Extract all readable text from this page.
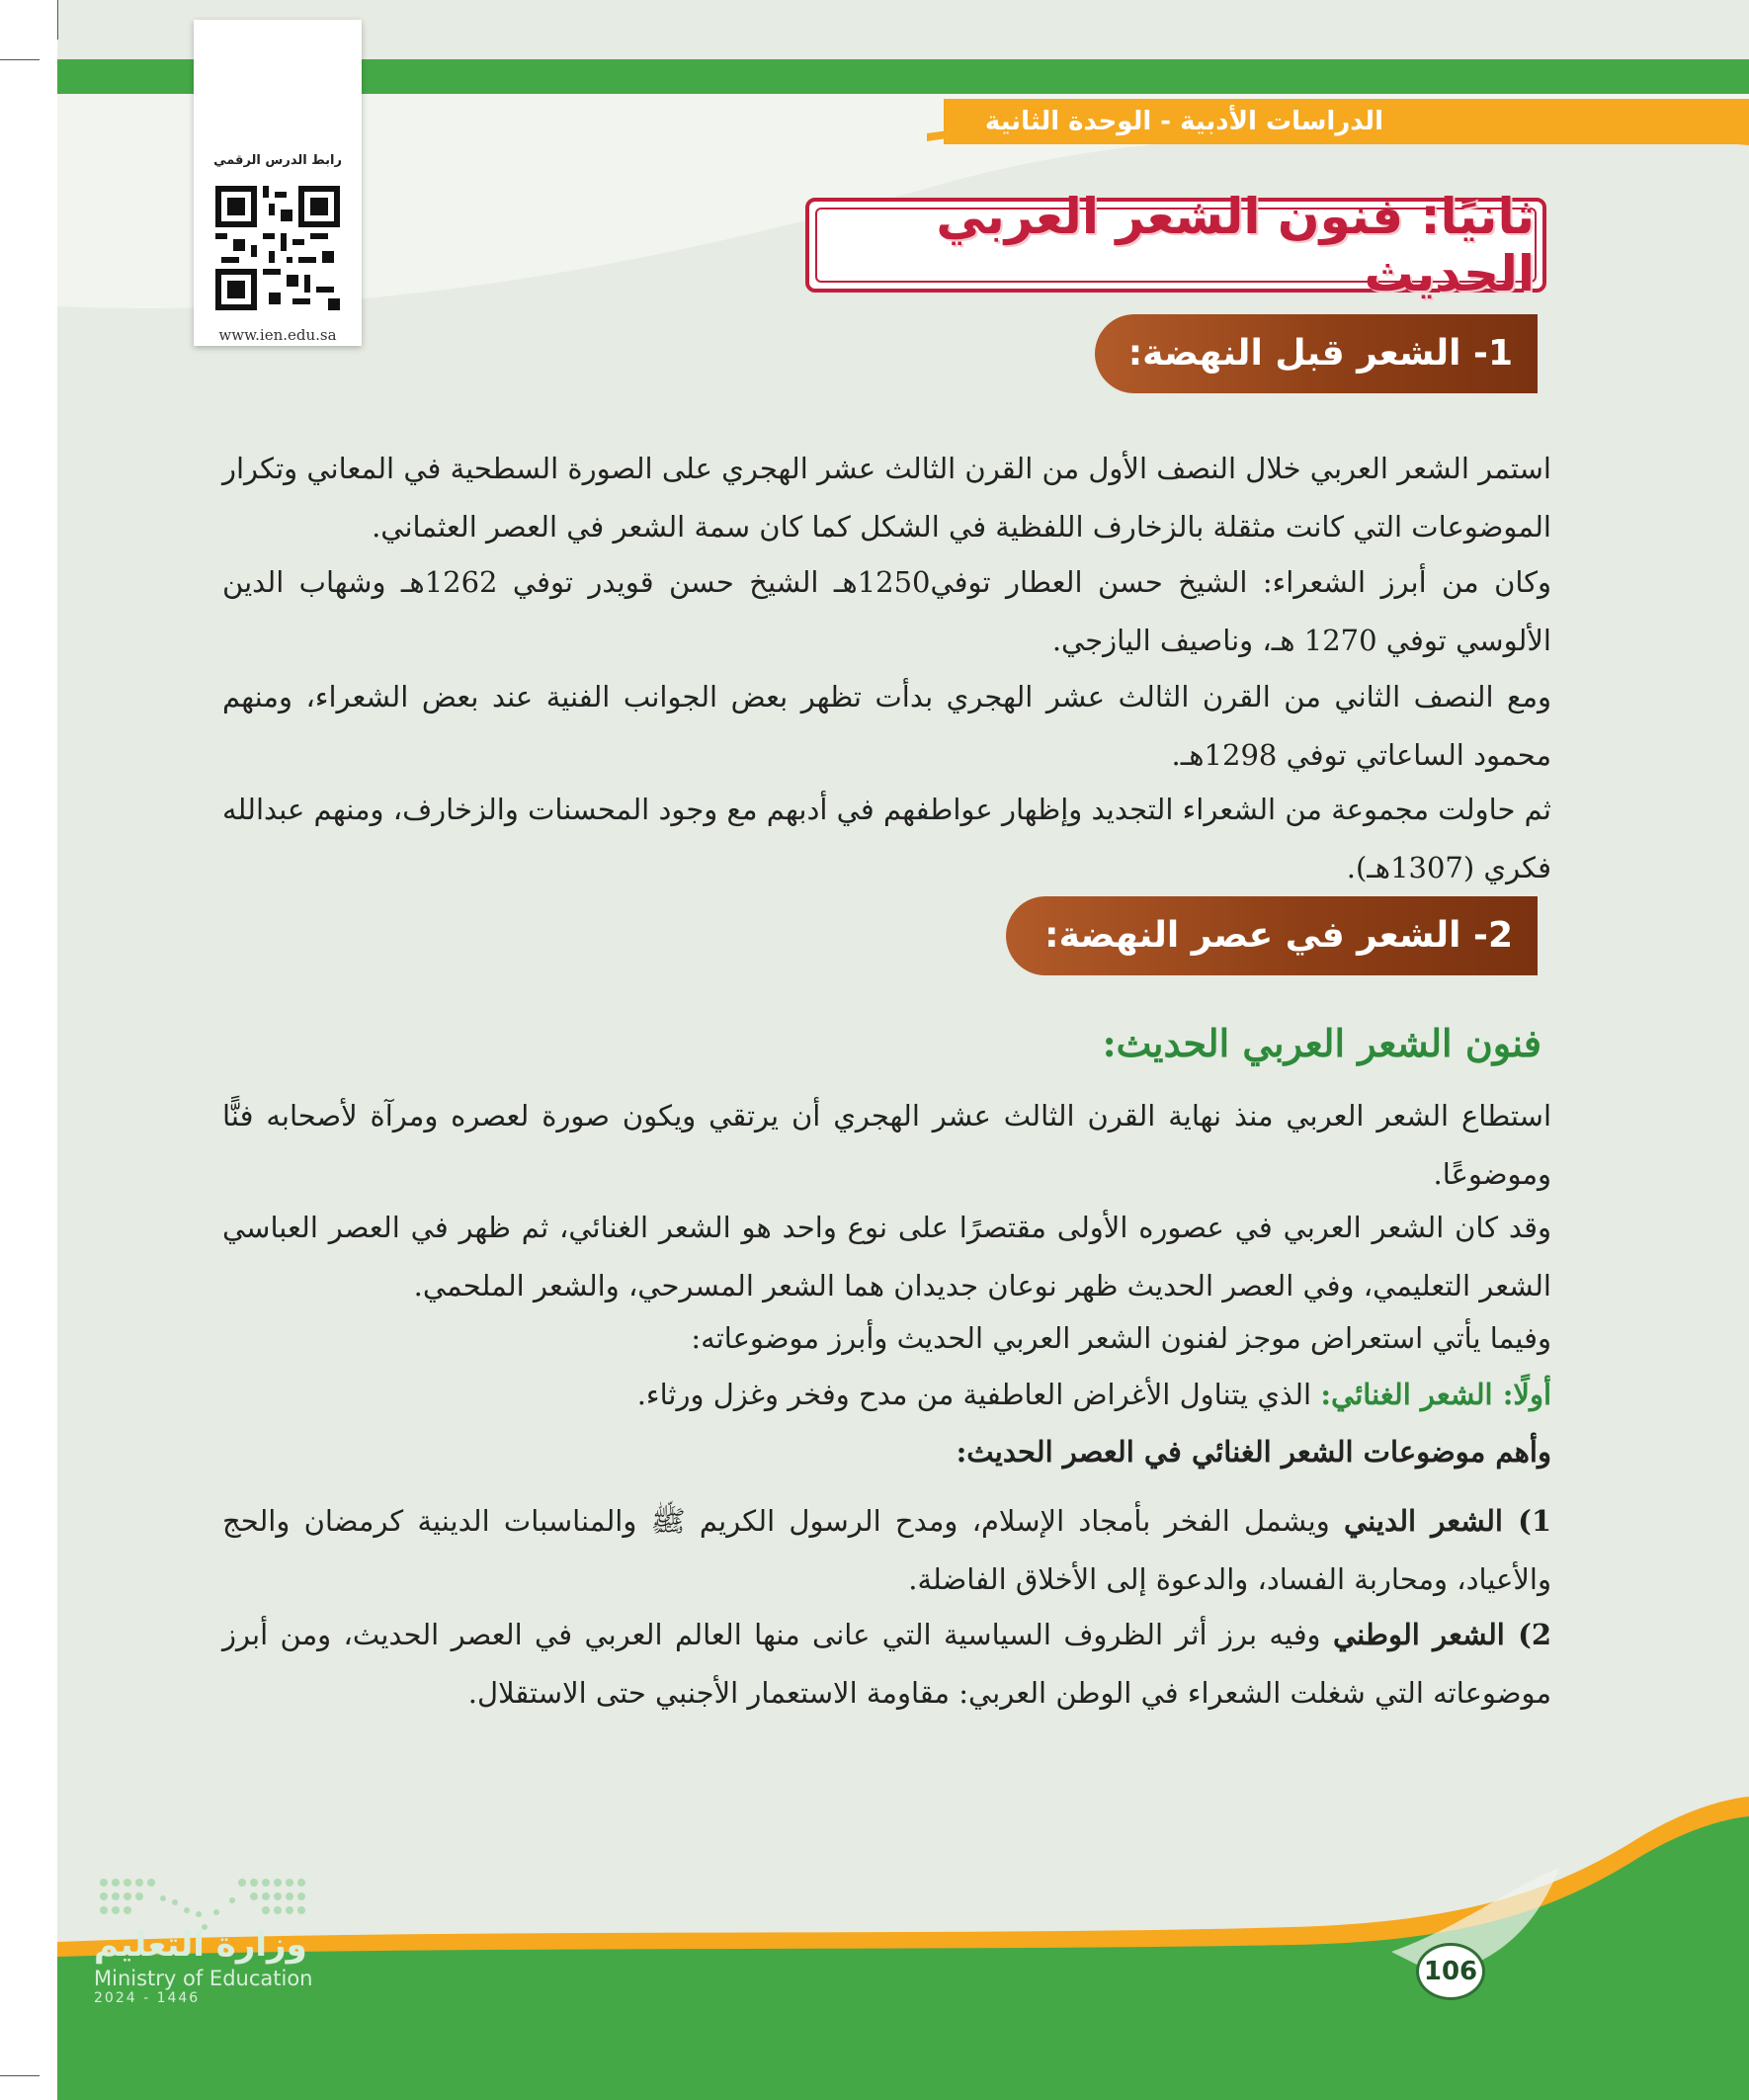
الدراسات الأدبية - الوحدة الثانية
رابط الدرس الرقمي
www.ien.edu.sa
ثانيًا: فنون الشعر العربي الحديث
1- الشعر قبل النهضة:
استمر الشعر العربي خلال النصف الأول من القرن الثالث عشر الهجري على الصورة السطحية في المعاني وتكرار الموضوعات التي كانت مثقلة بالزخارف اللفظية في الشكل كما كان سمة الشعر في العصر العثماني.
وكان من أبرز الشعراء: الشيخ حسن العطار توفي1250هـ الشيخ حسن قويدر توفي 1262هـ وشهاب الدين الألوسي توفي 1270 هـ، وناصيف اليازجي.
ومع النصف الثاني من القرن الثالث عشر الهجري بدأت تظهر بعض الجوانب الفنية عند بعض الشعراء، ومنهم محمود الساعاتي توفي 1298هـ.
ثم حاولت مجموعة من الشعراء التجديد وإظهار عواطفهم في أدبهم مع وجود المحسنات والزخارف، ومنهم عبدالله فكري (1307هـ).
2- الشعر في عصر النهضة:
فنون الشعر العربي الحديث:
استطاع الشعر العربي منذ نهاية القرن الثالث عشر الهجري أن يرتقي ويكون صورة لعصره ومرآة لأصحابه فنًّا وموضوعًا.
وقد كان الشعر العربي في عصوره الأولى مقتصرًا على نوع واحد هو الشعر الغنائي، ثم ظهر في العصر العباسي الشعر التعليمي، وفي العصر الحديث ظهر نوعان جديدان هما الشعر المسرحي، والشعر الملحمي.
وفيما يأتي استعراض موجز لفنون الشعر العربي الحديث وأبرز موضوعاته:
أولًا: الشعر الغنائي: الذي يتناول الأغراض العاطفية من مدح وفخر وغزل ورثاء.
وأهم موضوعات الشعر الغنائي في العصر الحديث:
1) الشعر الديني ويشمل الفخر بأمجاد الإسلام، ومدح الرسول الكريم ﷺ والمناسبات الدينية كرمضان والحج والأعياد، ومحاربة الفساد، والدعوة إلى الأخلاق الفاضلة.
2) الشعر الوطني وفيه برز أثر الظروف السياسية التي عانى منها العالم العربي في العصر الحديث، ومن أبرز موضوعاته التي شغلت الشعراء في الوطن العربي: مقاومة الاستعمار الأجنبي حتى الاستقلال.
وزارة التعليم
Ministry of Education
2024 - 1446
106
